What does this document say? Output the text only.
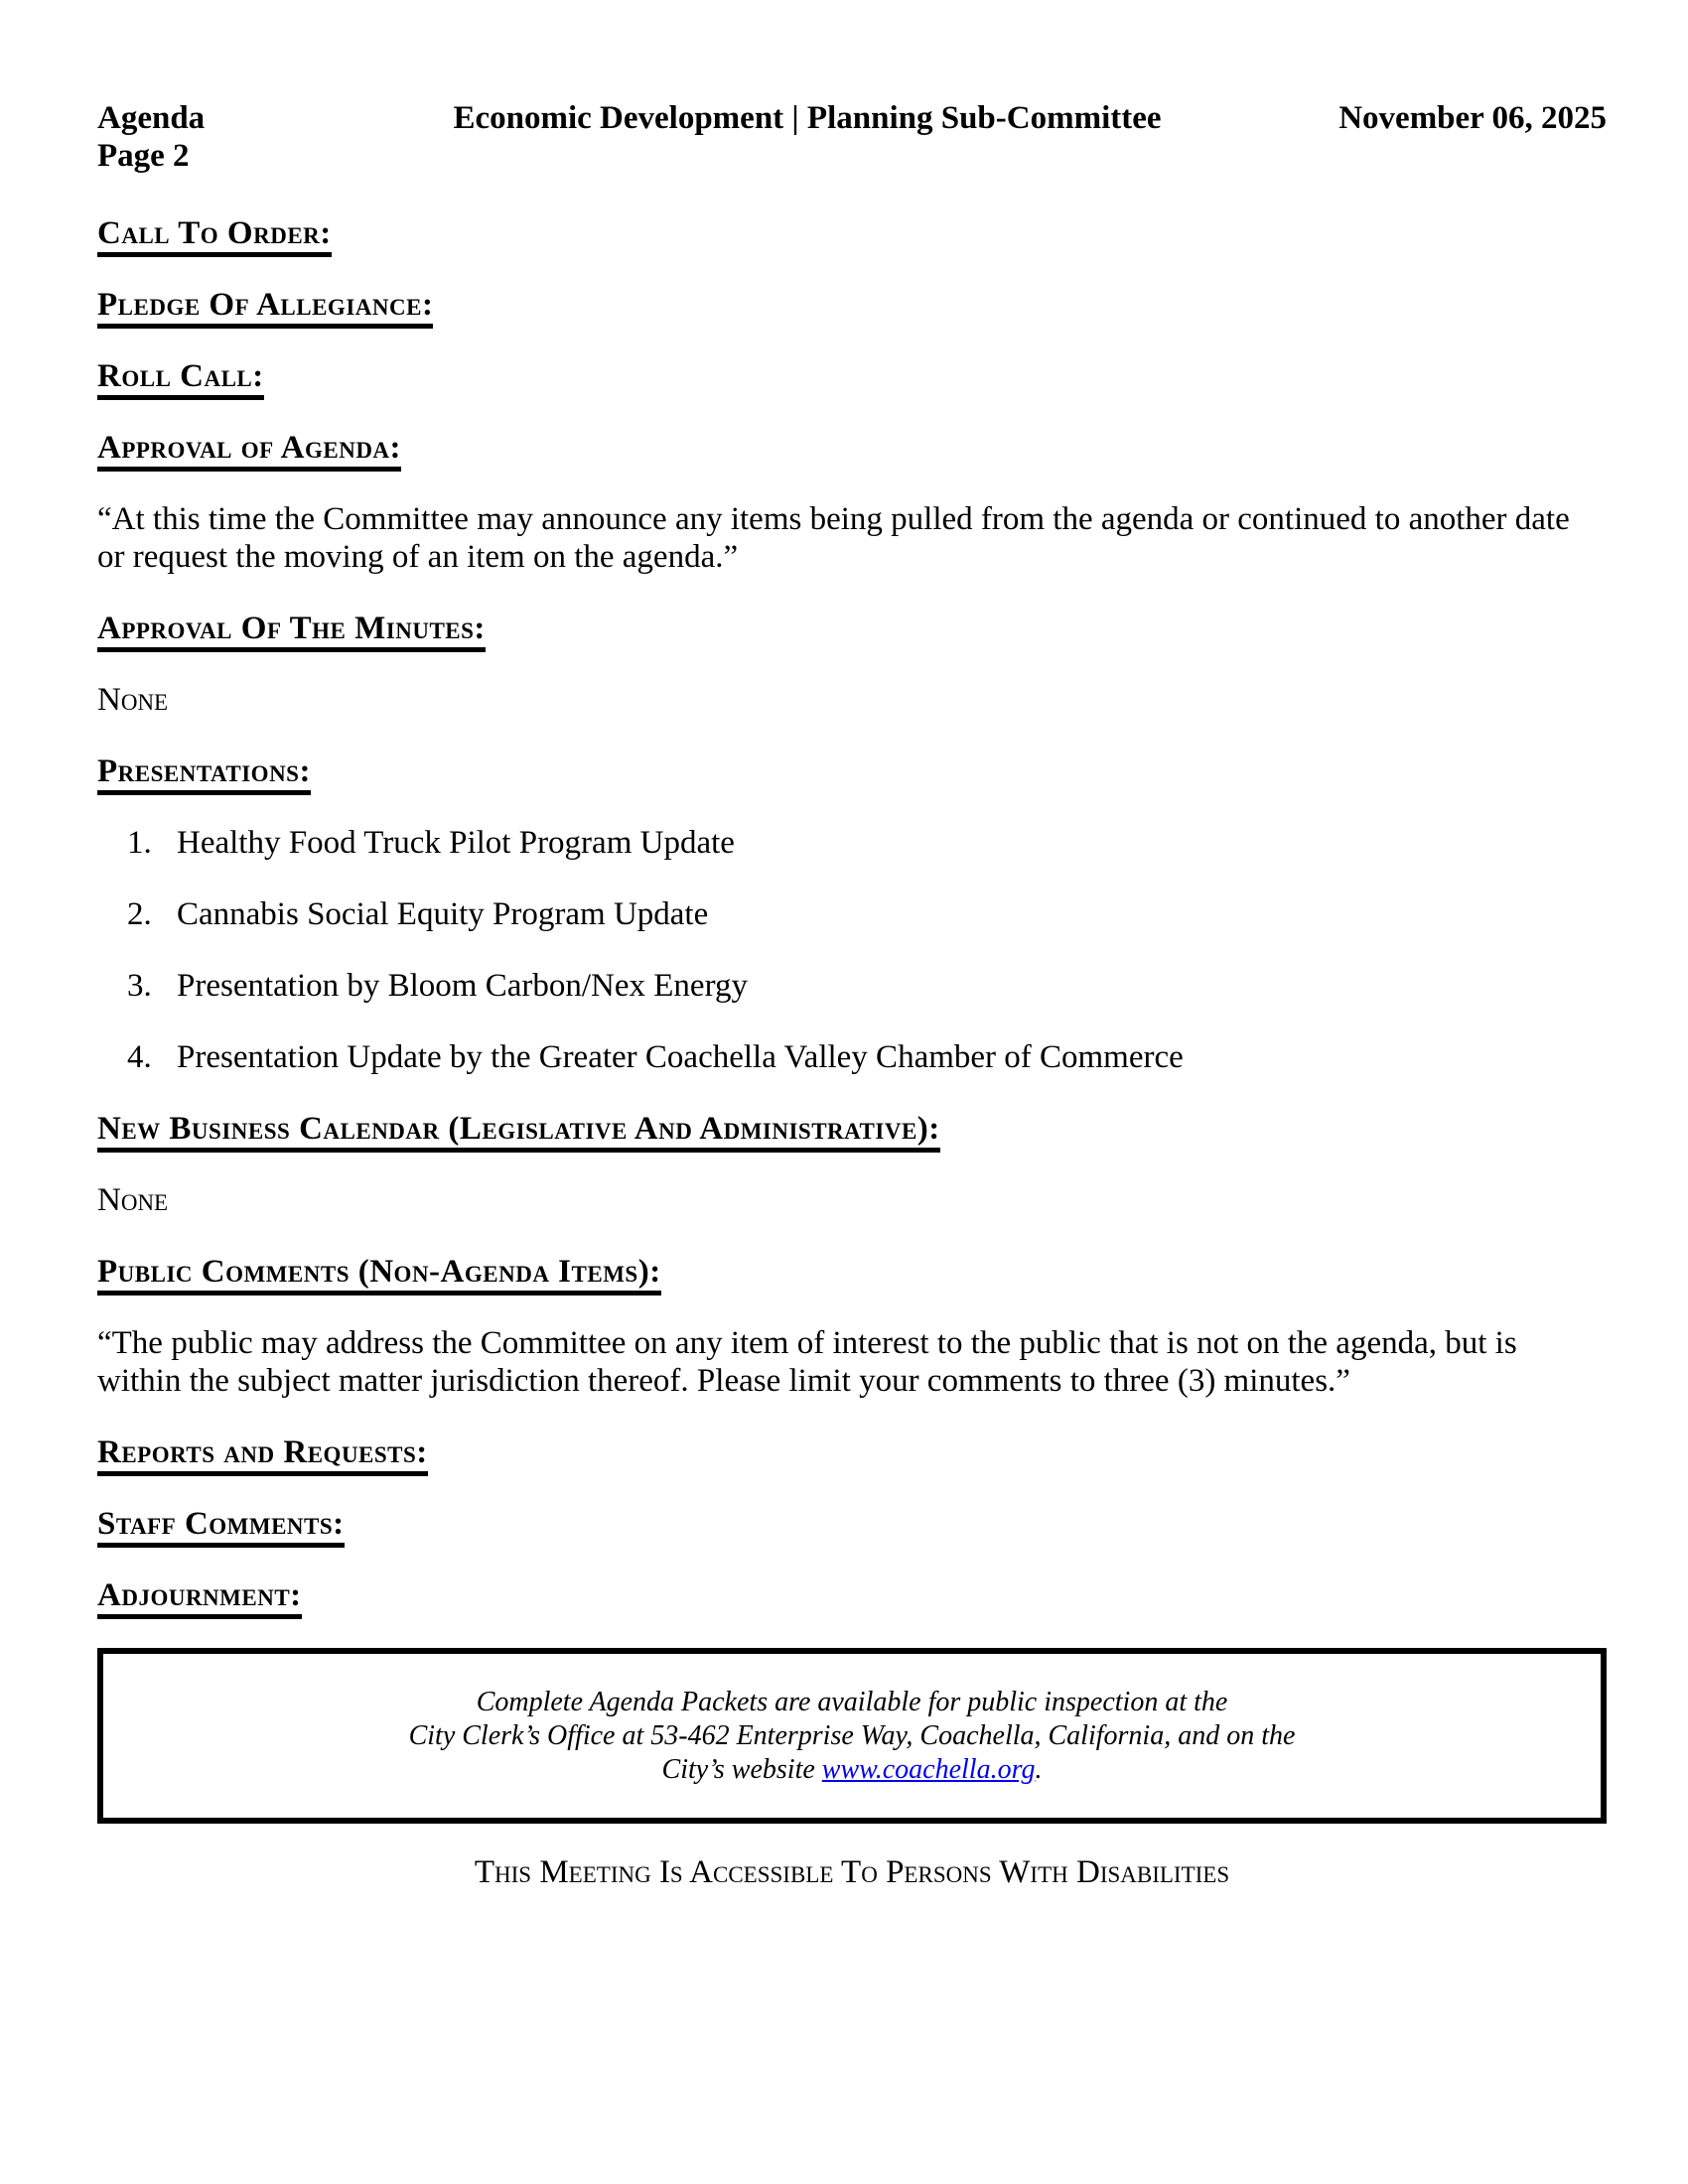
Agenda
Page 2
Economic Development | Planning Sub-Committee	November 06, 2025
Call To Order:
Pledge Of Allegiance:
Roll Call:
Approval of Agenda:

“At this time the Committee may announce any items being pulled from the agenda or continued to another date
or request the moving of an item on the agenda.”

Approval Of The Minutes:

None

Presentations:
1. Healthy Food Truck Pilot Program Update
2. Cannabis Social Equity Program Update
3. Presentation by Bloom Carbon/Nex Energy
4. Presentation Update by the Greater Coachella Valley Chamber of Commerce
New Business Calendar (Legislative And Administrative):

None

Public Comments (Non-Agenda Items):

“The public may address the Committee on any item of interest to the public that is not on the agenda, but is
within the subject matter jurisdiction thereof. Please limit your comments to three (3) minutes.”

Reports and Requests:
Staff Comments:
Adjournment:
Complete Agenda Packets are available for public inspection at the
City Clerk’s Office at 53-462 Enterprise Way, Coachella, California, and on the
City’s website www.coachella.org.

This Meeting Is Accessible To Persons With Disabilities
